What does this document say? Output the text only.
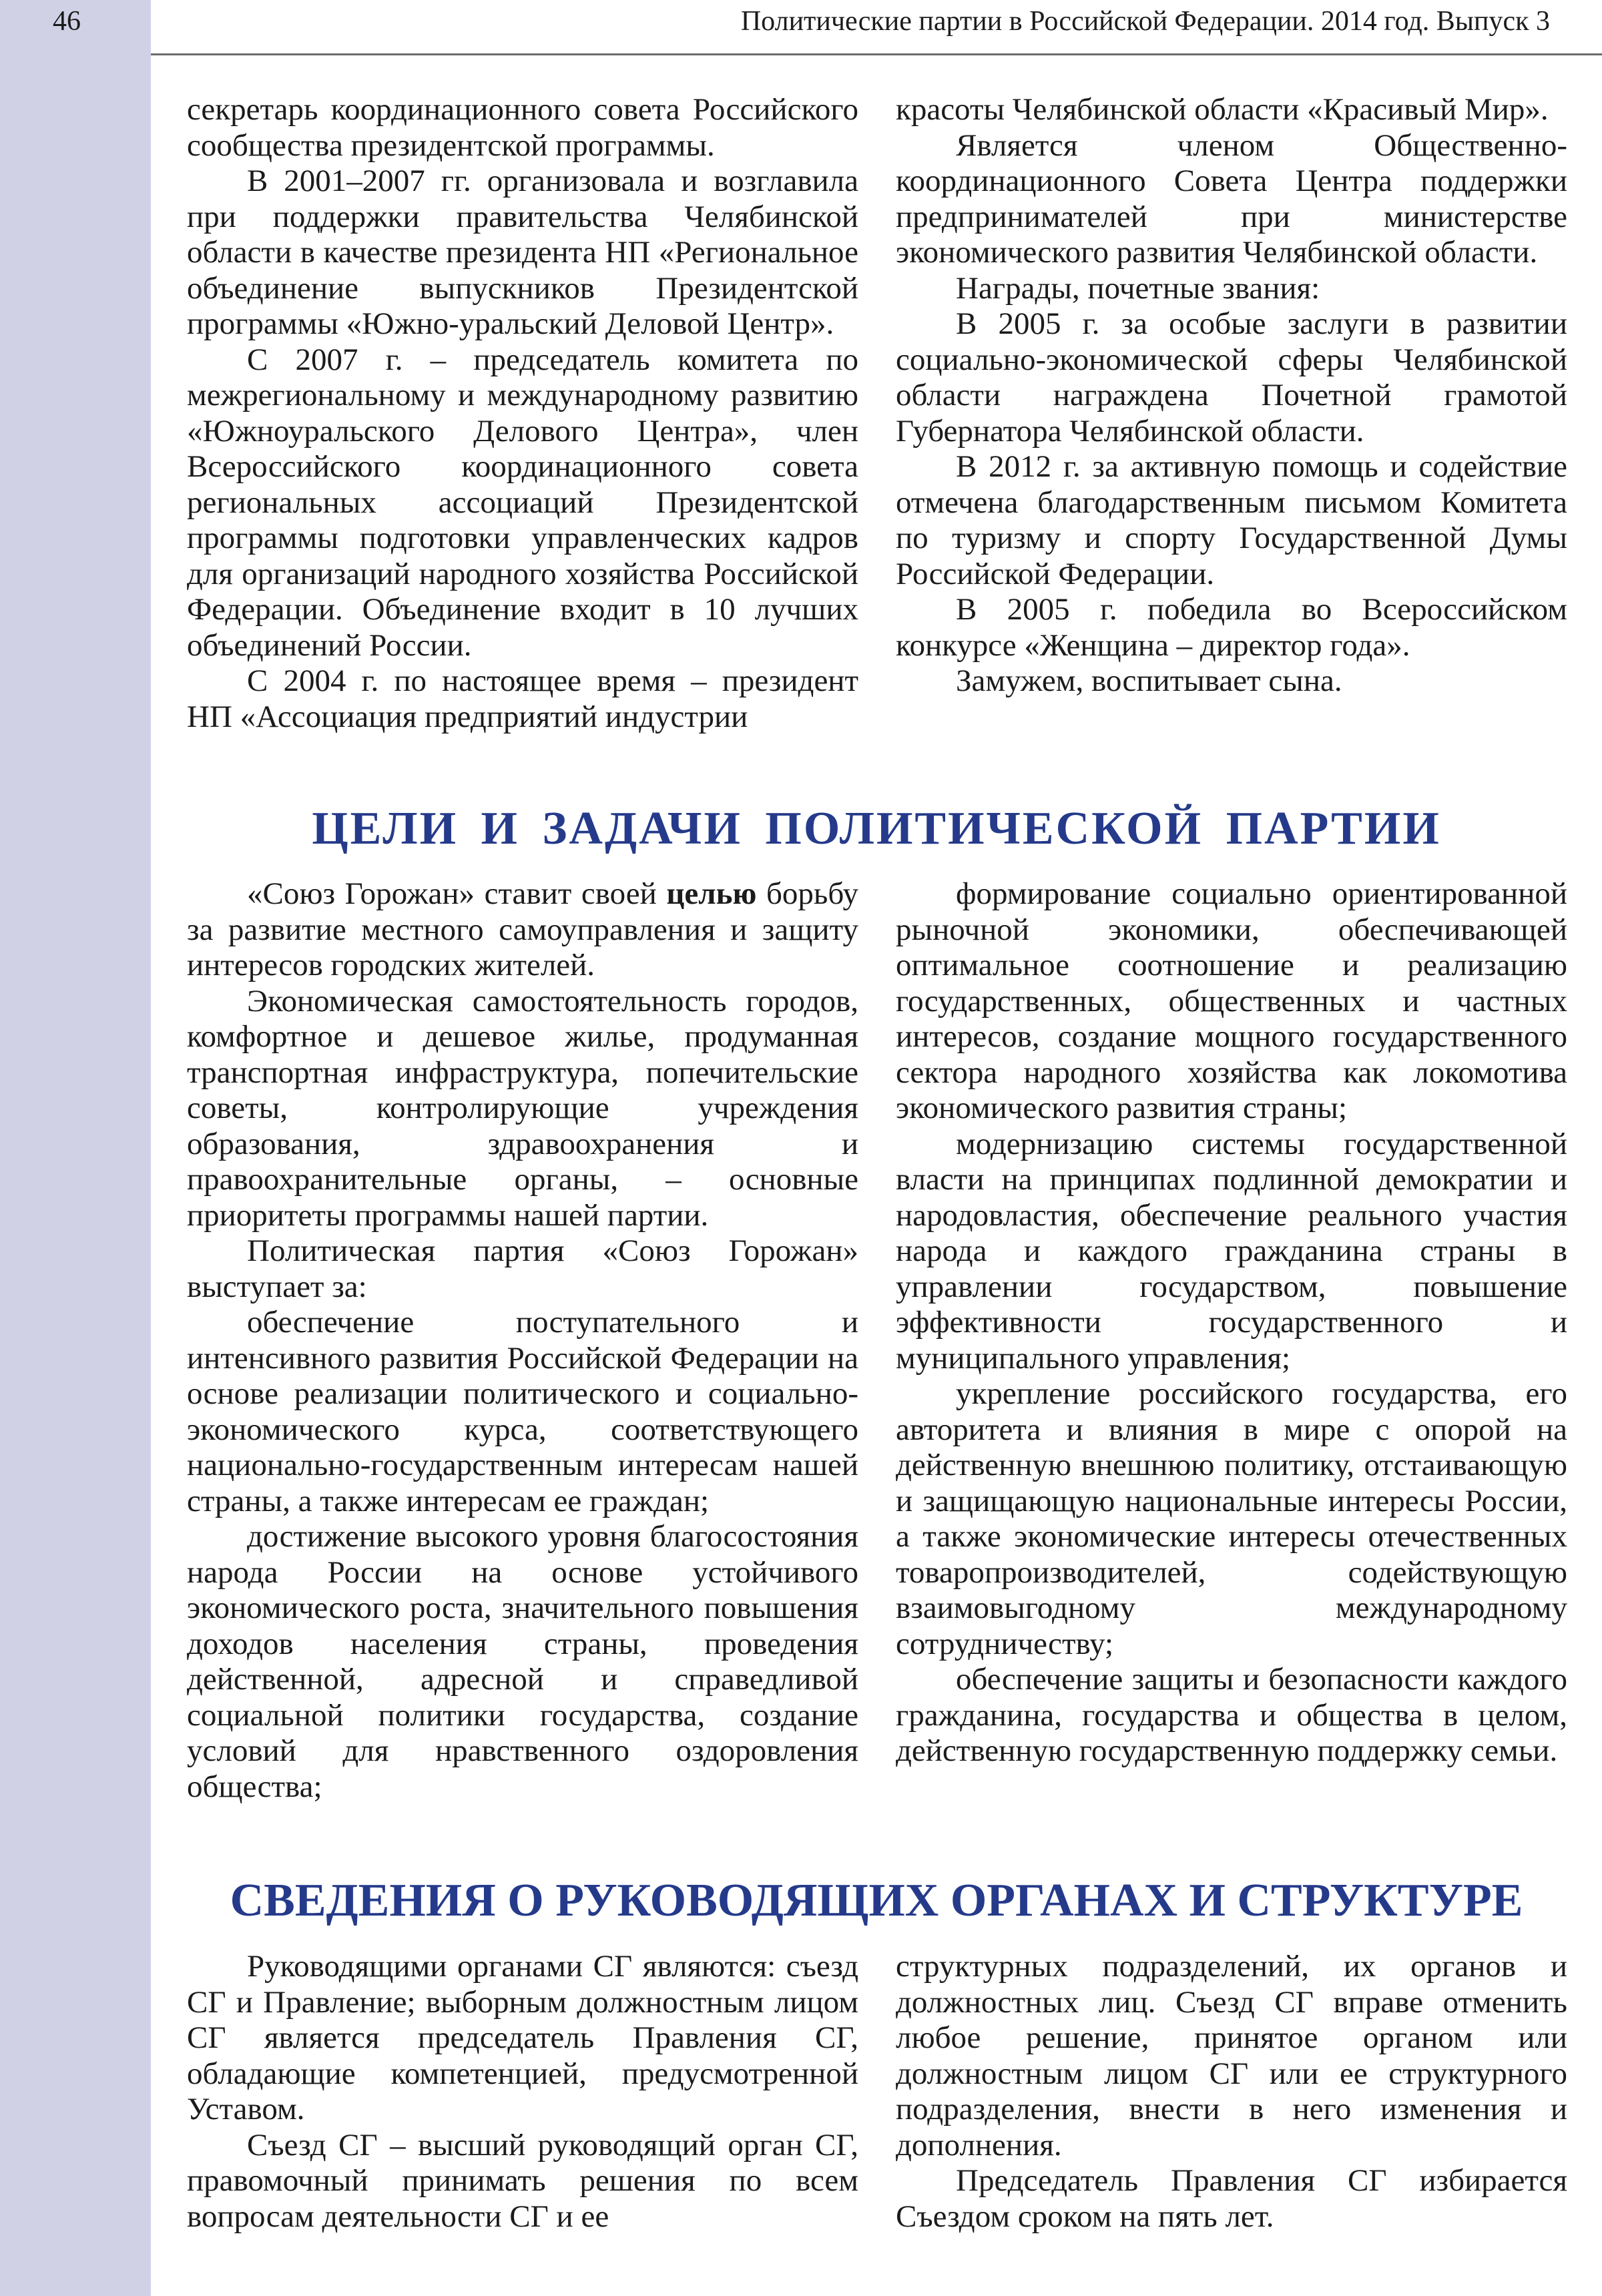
46	Политические партии в Российской Федерации. 2014 год. Выпуск 3

секретарь координационного совета Российского сообщества президентской программы.

В 2001–2007 гг. организовала и возглавила при поддержки правительства Челябинской области в качестве президента НП «Региональное объединение выпускников Президентской программы «Южно-уральский Деловой Центр».

С 2007 г. – председатель комитета по межрегиональному и международному развитию «Южноуральского Делового Центра», член Всероссийского координационного совета региональных ассоциаций Президентской программы подготовки управленческих кадров для организаций народного хозяйства Российской Федерации. Объединение входит в 10 лучших объединений России.

С 2004 г. по настоящее время – президент НП «Ассоциация предприятий индустрии

красоты Челябинской области «Красивый Мир».

Является членом Общественно-координационного Совета Центра поддержки предпринимателей при министерстве экономического развития Челябинской области.

Награды, почетные звания:

В 2005 г. за особые заслуги в развитии социально-экономической сферы Челябинской области награждена Почетной грамотой Губернатора Челябинской области.

В 2012 г. за активную помощь и содействие отмечена благодарственным письмом Комитета по туризму и спорту Государственной Думы Российской Федерации.

В 2005 г. победила во Всероссийском конкурсе «Женщина – директор года».

Замужем, воспитывает сына.

ЦЕЛИ И ЗАДАЧИ ПОЛИТИЧЕСКОЙ ПАРТИИ

«Союз Горожан» ставит своей целью борьбу за развитие местного самоуправления и защиту интересов городских жителей.

Экономическая самостоятельность городов, комфортное и дешевое жилье, продуманная транспортная инфраструктура, попечительские советы, контролирующие учреждения образования, здравоохранения и правоохранительные органы, – основные приоритеты программы нашей партии.

Политическая партия «Союз Горожан» выступает за:

обеспечение поступательного и интенсивного развития Российской Федерации на основе реализации политического и социально-экономического курса, соответствующего национально-государственным интересам нашей страны, а также интересам ее граждан;

достижение высокого уровня благосостояния народа России на основе устойчивого экономического роста, значительного повышения доходов населения страны, проведения действенной, адресной и справедливой социальной политики государства, создание условий для нравственного оздоровления общества;

формирование социально ориентированной рыночной экономики, обеспечивающей оптимальное соотношение и реализацию государственных, общественных и частных интересов, создание мощного государственного сектора народного хозяйства как локомотива экономического развития страны;

модернизацию системы государственной власти на принципах подлинной демократии и народовластия, обеспечение реального участия народа и каждого гражданина страны в управлении государством, повышение эффективности государственного и муниципального управления;

укрепление российского государства, его авторитета и влияния в мире с опорой на действенную внешнюю политику, отстаивающую и защищающую национальные интересы России, а также экономические интересы отечественных товаропроизводителей, содействующую взаимовыгодному международному сотрудничеству;

обеспечение защиты и безопасности каждого гражданина, государства и общества в целом, действенную государственную поддержку семьи.

СВЕДЕНИЯ О РУКОВОДЯЩИХ ОРГАНАХ И СТРУКТУРЕ

Руководящими органами СГ являются: съезд СГ и Правление; выборным должностным лицом СГ является председатель Правления СГ, обладающие компетенцией, предусмотренной Уставом.

Съезд СГ – высший руководящий орган СГ, правомочный принимать решения по всем вопросам деятельности СГ и ее

структурных подразделений, их органов и должностных лиц. Съезд СГ вправе отменить любое решение, принятое органом или должностным лицом СГ или ее структурного подразделения, внести в него изменения и дополнения.

Председатель Правления СГ избирается Съездом сроком на пять лет.
